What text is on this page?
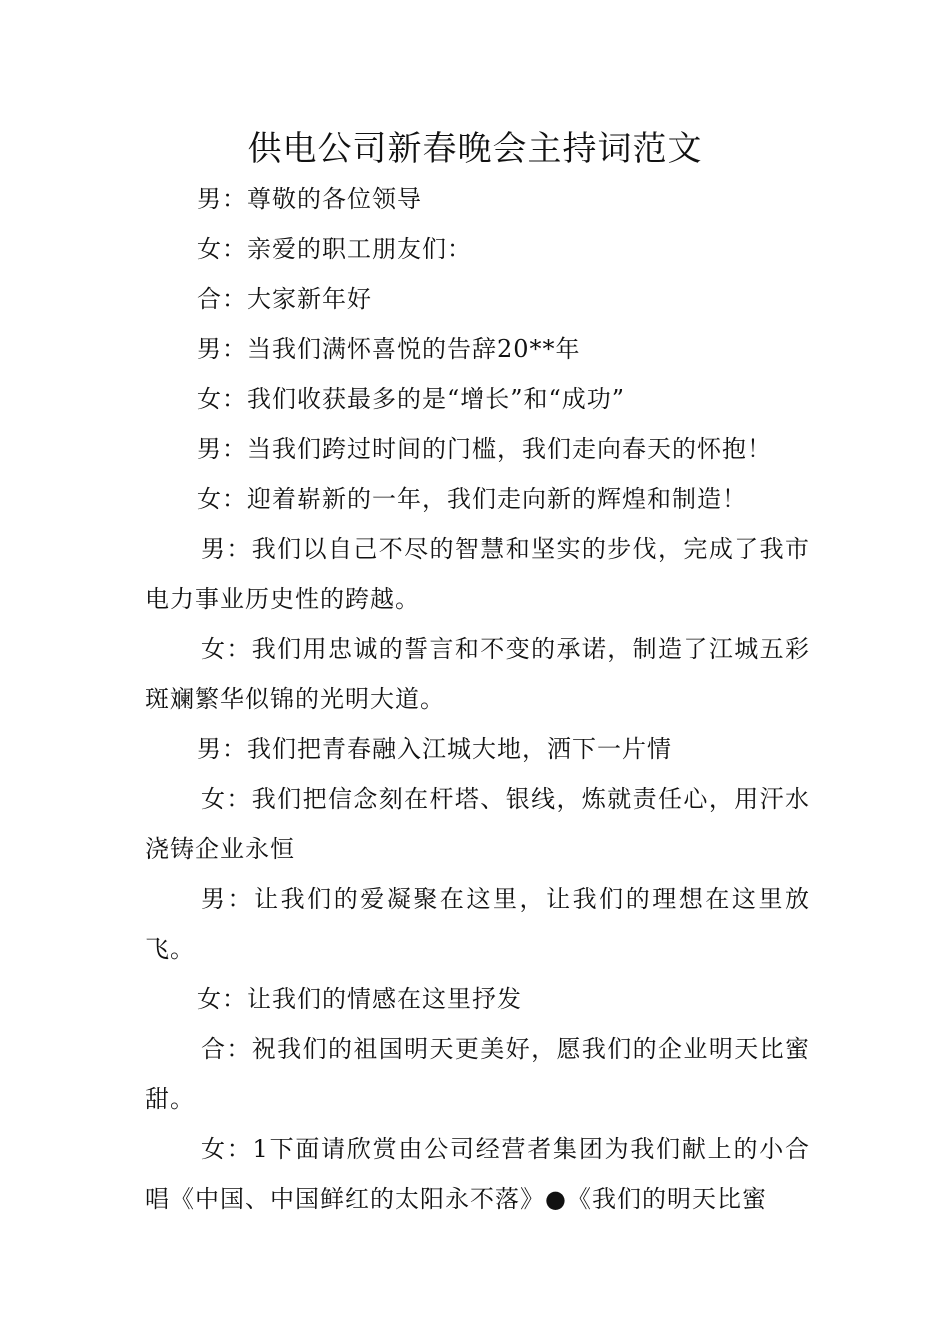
供电公司新春晚会主持词范文

男：尊敬的各位领导

女：亲爱的职工朋友们：

合：大家新年好

男：当我们满怀喜悦的告辞20**年

女：我们收获最多的是“增长”和“成功”

男：当我们跨过时间的门槛，我们走向春天的怀抱！

女：迎着崭新的一年，我们走向新的辉煌和制造！

男：我们以自己不尽的智慧和坚实的步伐，完成了我市电力事业历史性的跨越。

女：我们用忠诚的誓言和不变的承诺，制造了江城五彩斑斓繁华似锦的光明大道。

男：我们把青春融入江城大地，洒下一片情

女：我们把信念刻在杆塔、银线，炼就责任心，用汗水浇铸企业永恒

男：让我们的爱凝聚在这里，让我们的理想在这里放飞。

女：让我们的情感在这里抒发

合：祝我们的祖国明天更美好，愿我们的企业明天比蜜甜。

女：1下面请欣赏由公司经营者集团为我们献上的小合唱《中国、中国鲜红的太阳永不落》●《我们的明天比蜜
